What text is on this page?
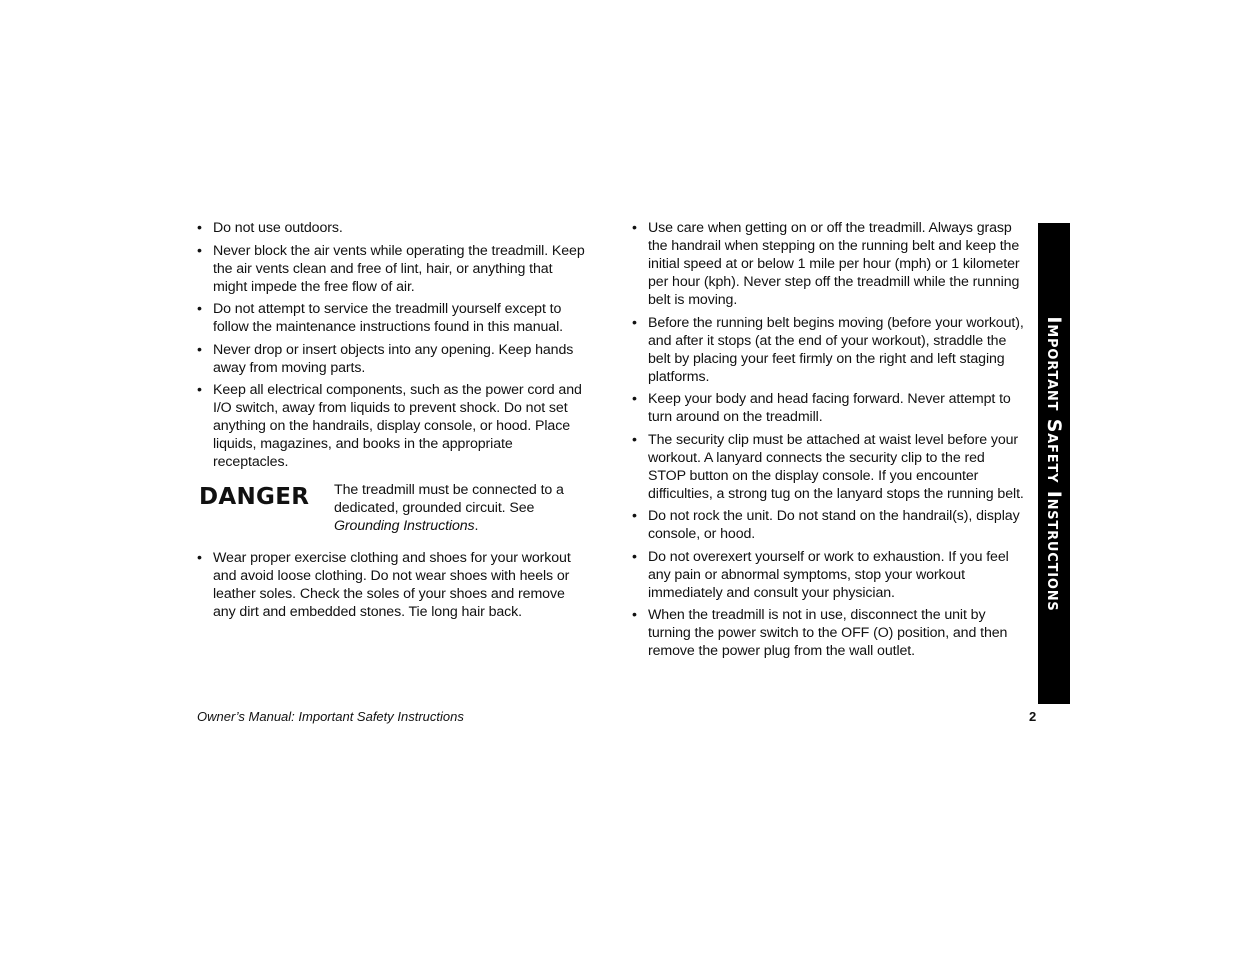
• Do not use outdoors.
• Never block the air vents while operating the treadmill. Keep the air vents clean and free of lint, hair, or anything that might impede the free flow of air.
• Do not attempt to service the treadmill yourself except to follow the maintenance instructions found in this manual.
• Never drop or insert objects into any opening. Keep hands away from moving parts.
• Keep all electrical components, such as the power cord and I/O switch, away from liquids to prevent shock. Do not set anything on the handrails, display console, or hood. Place liquids, magazines, and books in the appropriate receptacles.
DANGER	The treadmill must be connected to a dedicated, grounded circuit. See Grounding Instructions.
• Wear proper exercise clothing and shoes for your workout and avoid loose clothing. Do not wear shoes with heels or leather soles. Check the soles of your shoes and remove any dirt and embedded stones. Tie long hair back.
• Use care when getting on or off the treadmill. Always grasp the handrail when stepping on the running belt and keep the initial speed at or below 1 mile per hour (mph) or 1 kilometer per hour (kph). Never step off the treadmill while the running belt is moving.
• Before the running belt begins moving (before your workout), and after it stops (at the end of your workout), straddle the belt by placing your feet firmly on the right and left staging platforms.
• Keep your body and head facing forward. Never attempt to turn around on the treadmill.
• The security clip must be attached at waist level before your workout. A lanyard connects the security clip to the red STOP button on the display console. If you encounter difficulties, a strong tug on the lanyard stops the running belt.
• Do not rock the unit. Do not stand on the handrail(s), display console, or hood.
• Do not overexert yourself or work to exhaustion. If you feel any pain or abnormal symptoms, stop your workout immediately and consult your physician.
• When the treadmill is not in use, disconnect the unit by turning the power switch to the OFF (O) position, and then remove the power plug from the wall outlet.
Important Safety Instructions
Owner’s Manual: Important Safety Instructions	2
